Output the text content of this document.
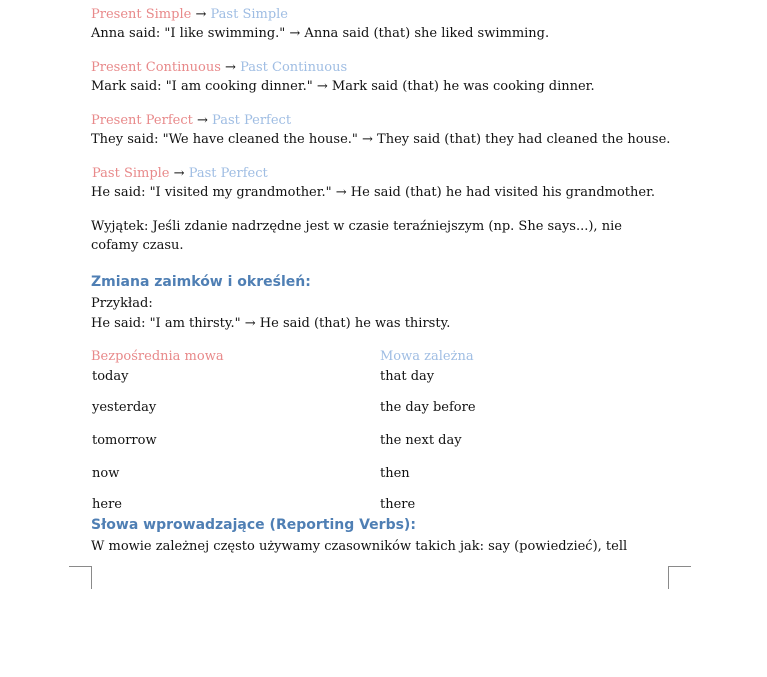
Present Simple → Past Simple
Anna said: "I like swimming." → Anna said (that) she liked swimming.
Present Continuous → Past Continuous
Mark said: "I am cooking dinner." → Mark said (that) he was cooking dinner.
Present Perfect → Past Perfect
They said: "We have cleaned the house." → They said (that) they had cleaned the house.
Past Simple → Past Perfect
He said: "I visited my grandmother." → He said (that) he had visited his grandmother.
Wyjątek: Jeśli zdanie nadrzędne jest w czasie teraźniejszym (np. She says...), nie cofamy czasu.
Zmiana zaimków i określeń:
Przykład:
He said: "I am thirsty." → He said (that) he was thirsty.
Bezpośrednia mowa	Mowa zależna
today	that day
yesterday	the day before
tomorrow	the next day
now	then
here	there
Słowa wprowadzające (Reporting Verbs):
W mowie zależnej często używamy czasowników takich jak: say (powiedzieć), tell
